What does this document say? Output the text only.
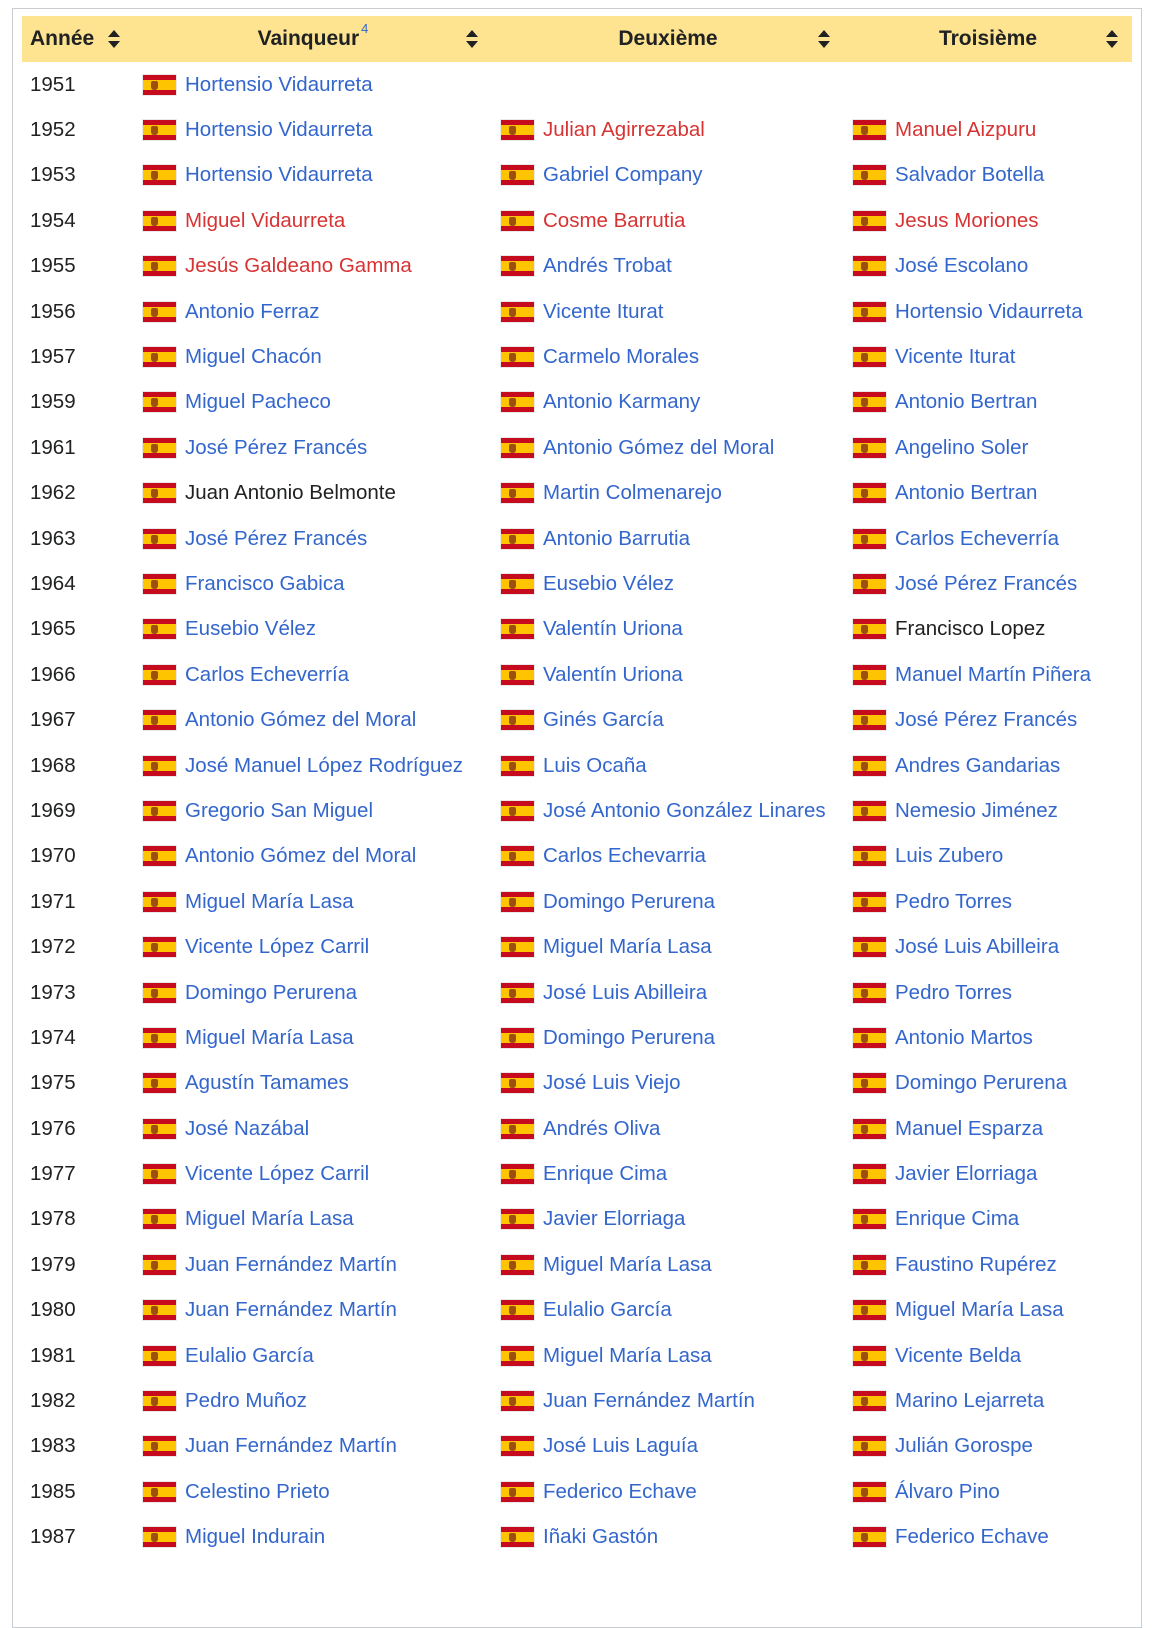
Année	Vainqueur $^4$	Deuxième	Troisième

1951	Hortensio Vidaurreta		

1952	Hortensio Vidaurreta	Julian Agirrezabal	Manuel Aizpuru

1953	Hortensio Vidaurreta	Gabriel Company	Salvador Botella

1954	Miguel Vidaurreta	Cosme Barrutia	Jesus Moriones

1955	Jesús Galdeano Gamma	Andrés Trobat	José Escolano

1956	Antonio Ferraz	Vicente Iturat	Hortensio Vidaurreta

1957	Miguel Chacón	Carmelo Morales	Vicente Iturat

1959	Miguel Pacheco	Antonio Karmany	Antonio Bertran

1961	José Pérez Francés	Antonio Gómez del Moral	Angelino Soler

1962	Juan Antonio Belmonte	Martin Colmenarejo	Antonio Bertran

1963	José Pérez Francés	Antonio Barrutia	Carlos Echeverría

1964	Francisco Gabica	Eusebio Vélez	José Pérez Francés

1965	Eusebio Vélez	Valentín Uriona	Francisco Lopez

1966	Carlos Echeverría	Valentín Uriona	Manuel Martín Piñera

1967	Antonio Gómez del Moral	Ginés García	José Pérez Francés

1968	José Manuel López Rodríguez	Luis Ocaña	Andres Gandarias

1969	Gregorio San Miguel	José Antonio González Linares	Nemesio Jiménez

1970	Antonio Gómez del Moral	Carlos Echevarria	Luis Zubero

1971	Miguel María Lasa	Domingo Perurena	Pedro Torres

1972	Vicente López Carril	Miguel María Lasa	José Luis Abilleira

1973	Domingo Perurena	José Luis Abilleira	Pedro Torres

1974	Miguel María Lasa	Domingo Perurena	Antonio Martos

1975	Agustín Tamames	José Luis Viejo	Domingo Perurena

1976	José Nazábal	Andrés Oliva	Manuel Esparza

1977	Vicente López Carril	Enrique Cima	Javier Elorriaga

1978	Miguel María Lasa	Javier Elorriaga	Enrique Cima

1979	Juan Fernández Martín	Miguel María Lasa	Faustino Rupérez

1980	Juan Fernández Martín	Eulalio García	Miguel María Lasa

1981	Eulalio García	Miguel María Lasa	Vicente Belda

1982	Pedro Muñoz	Juan Fernández Martín	Marino Lejarreta

1983	Juan Fernández Martín	José Luis Laguía	Julián Gorospe

1985	Celestino Prieto	Federico Echave	Álvaro Pino

1987	Miguel Indurain	Iñaki Gastón	Federico Echave
